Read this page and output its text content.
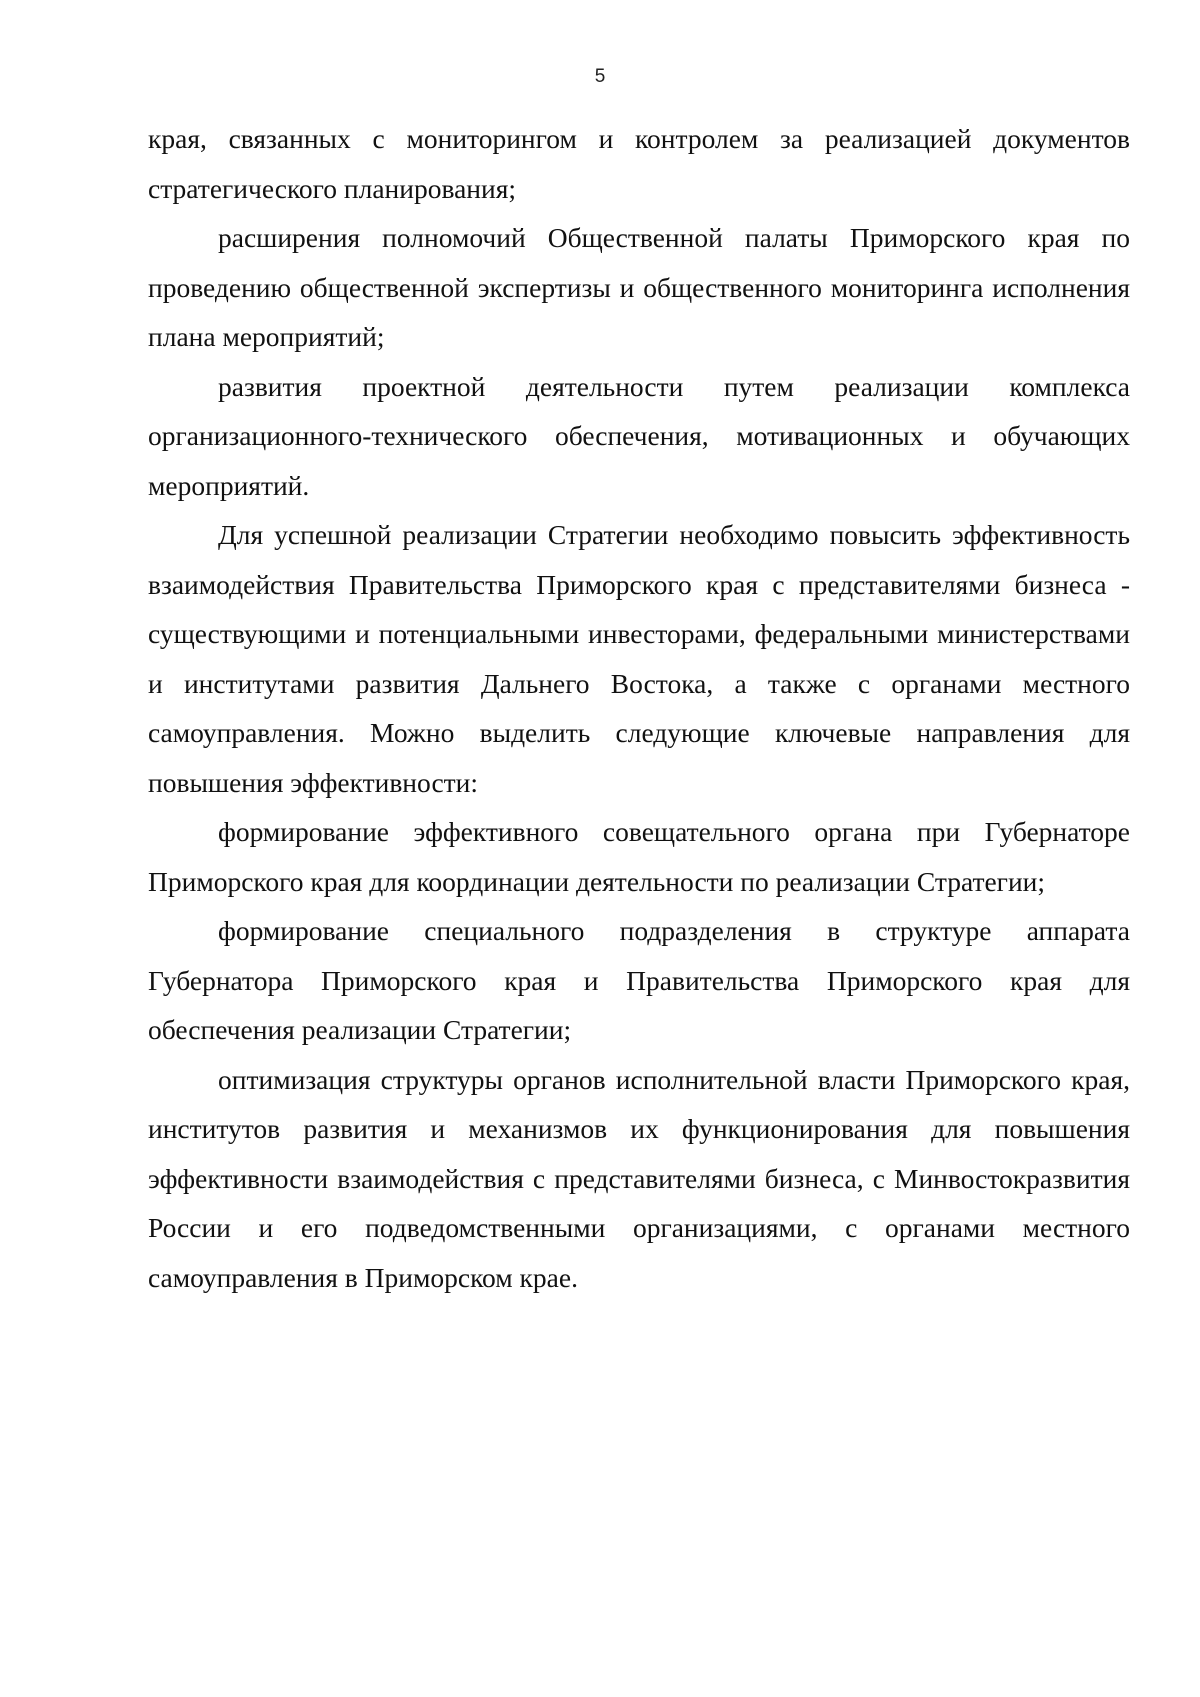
5

края, связанных с мониторингом и контролем за реализацией документов стратегического планирования;

расширения полномочий Общественной палаты Приморского края по проведению общественной экспертизы и общественного мониторинга исполнения плана мероприятий;

развития проектной деятельности путем реализации комплекса организационного-технического обеспечения, мотивационных и обучающих мероприятий.

Для успешной реализации Стратегии необходимо повысить эффективность взаимодействия Правительства Приморского края с представителями бизнеса - существующими и потенциальными инвесторами, федеральными министерствами и институтами развития Дальнего Востока, а также с органами местного самоуправления. Можно выделить следующие ключевые направления для повышения эффективности:

формирование эффективного совещательного органа при Губернаторе Приморского края для координации деятельности по реализации Стратегии;

формирование специального подразделения в структуре аппарата Губернатора Приморского края и Правительства Приморского края для обеспечения реализации Стратегии;

оптимизация структуры органов исполнительной власти Приморского края, институтов развития и механизмов их функционирования для повышения эффективности взаимодействия с представителями бизнеса, с Минвостокразвития России и его подведомственными организациями, с органами местного самоуправления в Приморском крае.
